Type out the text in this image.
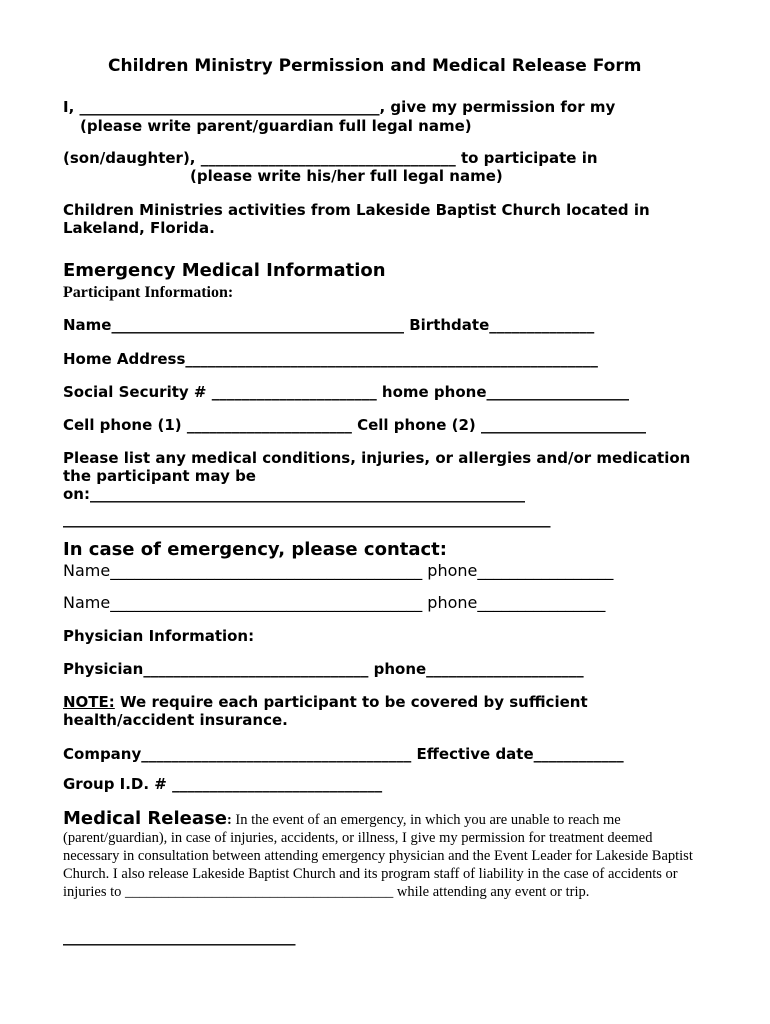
Children Ministry Permission and Medical Release Form
I, ________________________________________, give my permission for my
(please write parent/guardian full legal name)
(son/daughter), __________________________________ to participate in
(please write his/her full legal name)
Children Ministries activities from Lakeside Baptist Church located in
Lakeland, Florida.
Emergency Medical Information
Participant Information:
Name_______________________________________ Birthdate______________
Home Address_______________________________________________________
Social Security # ______________________ home phone___________________
Cell phone (1) ______________________ Cell phone (2) ______________________
Please list any medical conditions, injuries, or allergies and/or medication
the participant may be
on:__________________________________________________________
_________________________________________________________________
In case of emergency, please contact:
Name_______________________________________ phone_________________
Name_______________________________________ phone________________
Physician Information:
Physician______________________________ phone_____________________
NOTE: We require each participant to be covered by sufficient
health/accident insurance.
Company____________________________________ Effective date____________
Group I.D. # ____________________________
Medical Release: In the event of an emergency, in which you are unable to reach me (parent/guardian), in case of injuries, accidents, or illness, I give my permission for treatment deemed necessary in consultation between attending emergency physician and the Event Leader for Lakeside Baptist Church. I also release Lakeside Baptist Church and its program staff of liability in the case of accidents or injuries to _____________________________________ while attending any event or trip.
_______________________________
